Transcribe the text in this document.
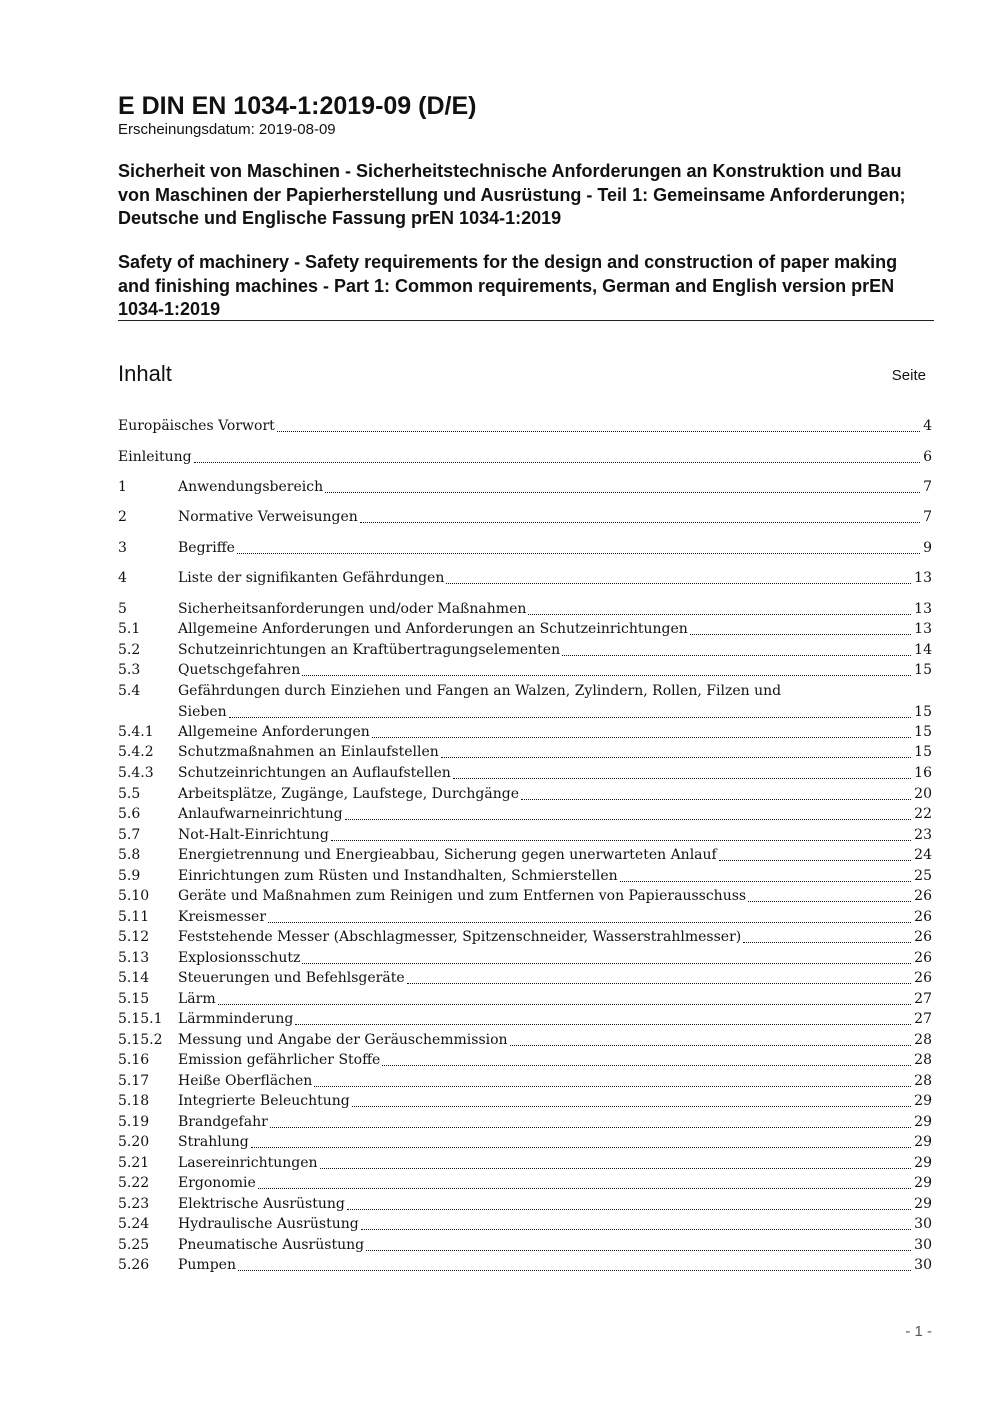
E DIN EN 1034-1:2019-09 (D/E)
Erscheinungsdatum: 2019-08-09
Sicherheit von Maschinen - Sicherheitstechnische Anforderungen an Konstruktion und Bau von Maschinen der Papierherstellung und Ausrüstung - Teil 1: Gemeinsame Anforderungen; Deutsche und Englische Fassung prEN 1034-1:2019
Safety of machinery - Safety requirements for the design and construction of paper making and finishing machines - Part 1: Common requirements, German and English version prEN 1034-1:2019
Inhalt	Seite
Europäisches Vorwort	4
Einleitung	6
1	Anwendungsbereich	7
2	Normative Verweisungen	7
3	Begriffe	9
4	Liste der signifikanten Gefährdungen	13
5	Sicherheitsanforderungen und/oder Maßnahmen	13
5.1	Allgemeine Anforderungen und Anforderungen an Schutzeinrichtungen	13
5.2	Schutzeinrichtungen an Kraftübertragungselementen	14
5.3	Quetschgefahren	15
5.4	Gefährdungen durch Einziehen und Fangen an Walzen, Zylindern, Rollen, Filzen und
Sieben	15
5.4.1 Allgemeine Anforderungen	15
5.4.2 Schutzmaßnahmen an Einlaufstellen	15
5.4.3 Schutzeinrichtungen an Auflaufstellen	16
5.5	Arbeitsplätze, Zugänge, Laufstege, Durchgänge	20
5.6	Anlaufwarneinrichtung	22
5.7	Not-Halt-Einrichtung	23
5.8	Energietrennung und Energieabbau, Sicherung gegen unerwarteten Anlauf	24
5.9	Einrichtungen zum Rüsten und Instandhalten, Schmierstellen	25
5.10 Geräte und Maßnahmen zum Reinigen und zum Entfernen von Papierausschuss	26
5.11 Kreismesser	26
5.12 Feststehende Messer (Abschlagmesser, Spitzenschneider, Wasserstrahlmesser)	26
5.13 Explosionsschutz	26
5.14 Steuerungen und Befehlsgeräte	26
5.15 Lärm	27
5.15.1 Lärmminderung	27
5.15.2 Messung und Angabe der Geräuschemmission	28
5.16 Emission gefährlicher Stoffe	28
5.17 Heiße Oberflächen	28
5.18 Integrierte Beleuchtung	29
5.19 Brandgefahr	29
5.20 Strahlung	29
5.21 Lasereinrichtungen	29
5.22 Ergonomie	29
5.23 Elektrische Ausrüstung	29
5.24 Hydraulische Ausrüstung	30
5.25 Pneumatische Ausrüstung	30
5.26 Pumpen	30
- 1 -
